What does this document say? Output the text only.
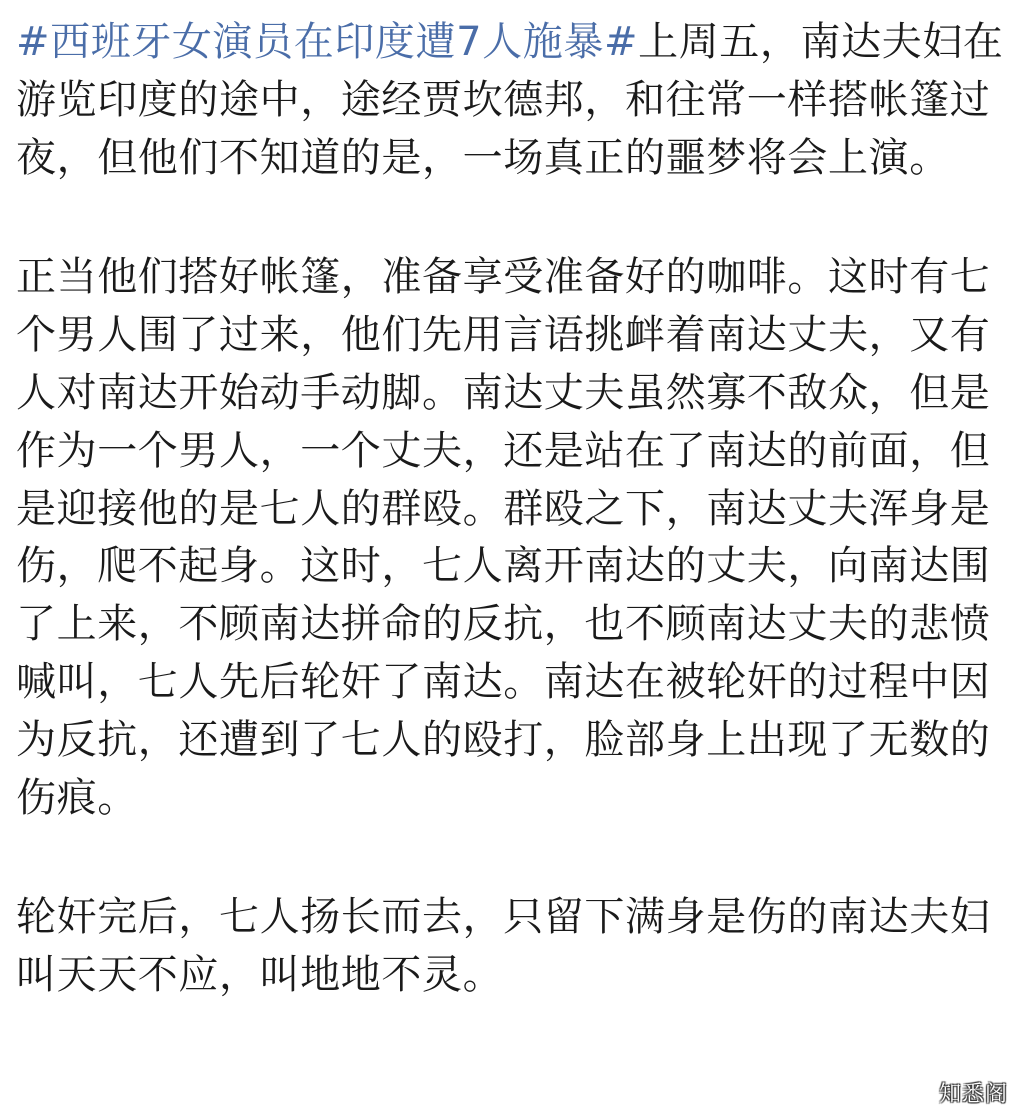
#西班牙女演员在印度遭7人施暴#上周五，南达夫妇在游览印度的途中，途经贾坎德邦，和往常一样搭帐篷过夜，但他们不知道的是，一场真正的噩梦将会上演。

正当他们搭好帐篷，准备享受准备好的咖啡。这时有七个男人围了过来，他们先用言语挑衅着南达丈夫，又有人对南达开始动手动脚。南达丈夫虽然寡不敌众，但是作为一个男人，一个丈夫，还是站在了南达的前面，但是迎接他的是七人的群殴。群殴之下，南达丈夫浑身是伤，爬不起身。这时，七人离开南达的丈夫，向南达围了上来，不顾南达拼命的反抗，也不顾南达丈夫的悲愤喊叫，七人先后轮奸了南达。南达在被轮奸的过程中因为反抗，还遭到了七人的殴打，脸部身上出现了无数的伤痕。

轮奸完后，七人扬长而去，只留下满身是伤的南达夫妇叫天天不应，叫地地不灵。

知悉阁
